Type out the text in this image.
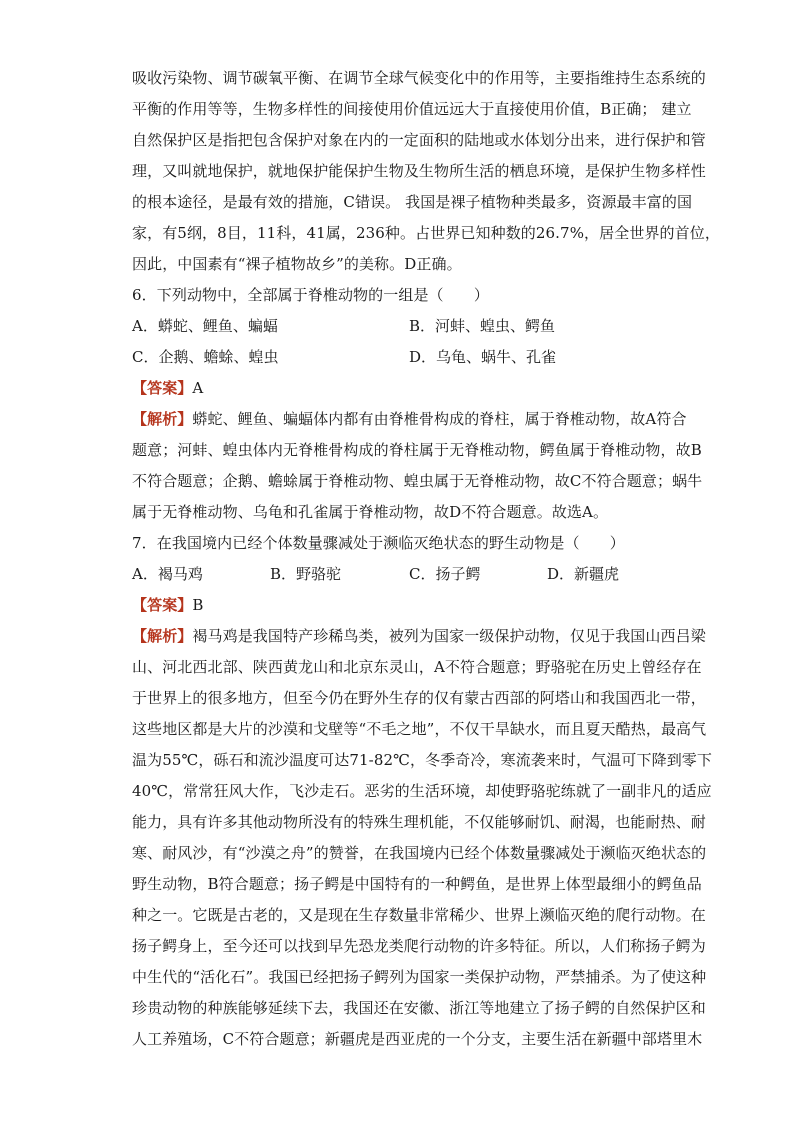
吸收污染物、调节碳氧平衡、在调节全球气候变化中的作用等，主要指维持生态系统的
平衡的作用等等，生物多样性的间接使用价值远远大于直接使用价值，B正确； 建立
自然保护区是指把包含保护对象在内的一定面积的陆地或水体划分出来，进行保护和管
理，又叫就地保护，就地保护能保护生物及生物所生活的栖息环境，是保护生物多样性
的根本途径，是最有效的措施，C错误。 我国是裸子植物种类最多，资源最丰富的国
家，有5纲，8目，11科，41属，236种。占世界已知种数的26.7%，居全世界的首位，
因此，中国素有“裸子植物故乡”的美称。D正确。
6．下列动物中，全部属于脊椎动物的一组是（　　）
A．蟒蛇、鲤鱼、蝙蝠	B．河蚌、蝗虫、鳄鱼
C．企鹅、蟾蜍、蝗虫	D．乌龟、蜗牛、孔雀
【答案】A
【解析】蟒蛇、鲤鱼、蝙蝠体内都有由脊椎骨构成的脊柱，属于脊椎动物，故A符合
题意；河蚌、蝗虫体内无脊椎骨构成的脊柱属于无脊椎动物，鳄鱼属于脊椎动物，故B
不符合题意；企鹅、蟾蜍属于脊椎动物、蝗虫属于无脊椎动物，故C不符合题意；蜗牛
属于无脊椎动物、乌龟和孔雀属于脊椎动物，故D不符合题意。故选A。
7．在我国境内已经个体数量骤减处于濒临灭绝状态的野生动物是（　　）
A．褐马鸡	B．野骆驼	C．扬子鳄	D．新疆虎
【答案】B
【解析】褐马鸡是我国特产珍稀鸟类，被列为国家一级保护动物，仅见于我国山西吕梁
山、河北西北部、陕西黄龙山和北京东灵山，A不符合题意；野骆驼在历史上曾经存在
于世界上的很多地方，但至今仍在野外生存的仅有蒙古西部的阿塔山和我国西北一带，
这些地区都是大片的沙漠和戈壁等“不毛之地”，不仅干旱缺水，而且夏天酷热，最高气
温为55℃，砾石和流沙温度可达71-82℃，冬季奇冷，寒流袭来时，气温可下降到零下
40℃，常常狂风大作，飞沙走石。恶劣的生活环境，却使野骆驼练就了一副非凡的适应
能力，具有许多其他动物所没有的特殊生理机能，不仅能够耐饥、耐渴，也能耐热、耐
寒、耐风沙，有“沙漠之舟”的赞誉，在我国境内已经个体数量骤减处于濒临灭绝状态的
野生动物，B符合题意；扬子鳄是中国特有的一种鳄鱼，是世界上体型最细小的鳄鱼品
种之一。它既是古老的，又是现在生存数量非常稀少、世界上濒临灭绝的爬行动物。在
扬子鳄身上，至今还可以找到早先恐龙类爬行动物的许多特征。所以，人们称扬子鳄为
中生代的“活化石”。我国已经把扬子鳄列为国家一类保护动物，严禁捕杀。为了使这种
珍贵动物的种族能够延续下去，我国还在安徽、浙江等地建立了扬子鳄的自然保护区和
人工养殖场，C不符合题意；新疆虎是西亚虎的一个分支，主要生活在新疆中部塔里木
